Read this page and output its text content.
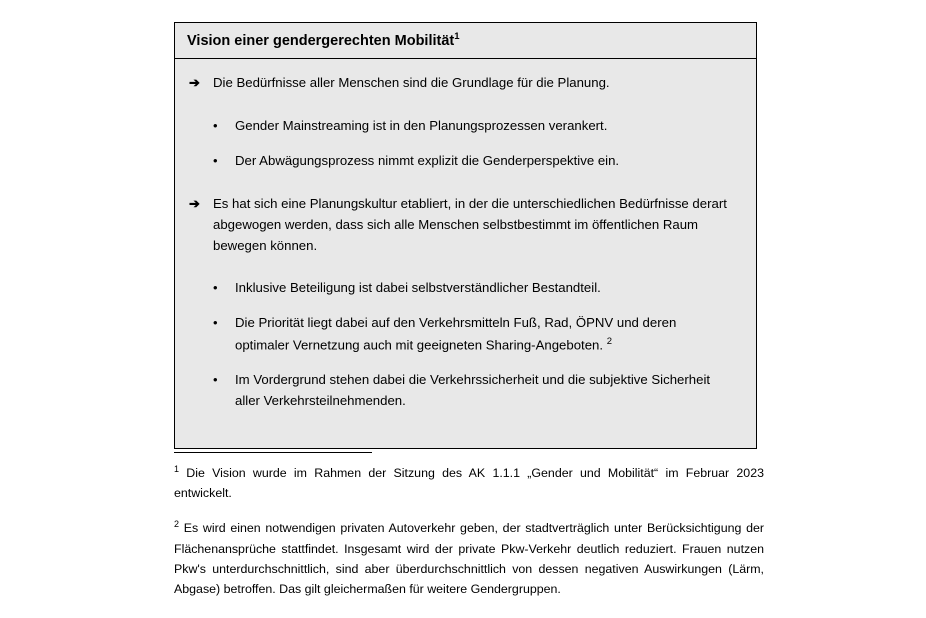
Vision einer gendergerechten Mobilität$^1$
➔ Die Bedürfnisse aller Menschen sind die Grundlage für die Planung.
•	Gender Mainstreaming ist in den Planungsprozessen verankert.
•	Der Abwägungsprozess nimmt explizit die Genderperspektive ein.
➔ Es hat sich eine Planungskultur etabliert, in der die unterschiedlichen Bedürfnisse derart abgewogen werden, dass sich alle Menschen selbstbestimmt im öffentlichen Raum bewegen können.
•	Inklusive Beteiligung ist dabei selbstverständlicher Bestandteil.
•	Die Priorität liegt dabei auf den Verkehrsmitteln Fuß, Rad, ÖPNV und deren optimaler Vernetzung auch mit geeigneten Sharing-Angeboten. $^2$
•	Im Vordergrund stehen dabei die Verkehrssicherheit und die subjektive Sicherheit aller Verkehrsteilnehmenden.
$^1$ Die Vision wurde im Rahmen der Sitzung des AK 1.1.1 „Gender und Mobilität“ im Februar 2023 entwickelt.
$^2$ Es wird einen notwendigen privaten Autoverkehr geben, der stadtverträglich unter Berücksichtigung der Flächenansprüche stattfindet. Insgesamt wird der private Pkw-Verkehr deutlich reduziert. Frauen nutzen Pkw's unterdurchschnittlich, sind aber überdurchschnittlich von dessen negativen Auswirkungen (Lärm, Abgase) betroffen. Das gilt gleichermaßen für weitere Gendergruppen.
